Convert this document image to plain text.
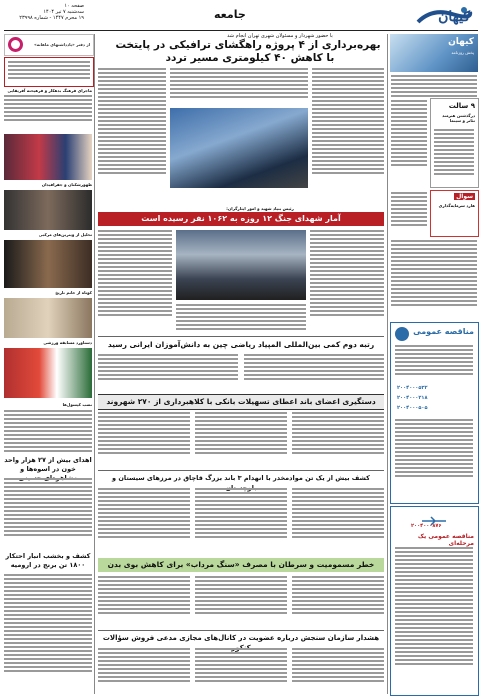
کیهان
جامعه
صفحه ۱۰
سه‌شنبه ۷ تیر ۱۴۰۴
۱۹ محرم ۱۴۴۷ - شماره ۲۳۹۹۸
با حضور شهردار و مسئولان شهری تهران انجام شد
بهره‌برداری از ۴ پروژه راهگشای ترافیکی در پایتخت
با کاهش ۴۰ کیلومتری مسیر تردد
کیهان
پخش روزنامه
۹ سالت
درگذشتن هنرمند تئاتر و سینما
سوال
هارد سرمایه‌گذاری
مناقصه عمومی
۲۰۰۴۰۰۰۵۳۲
۲۰۰۴۰۰۰۲۱۸
۲۰۰۴۰۰۰۵۰۵
۲۰۰۴۰۰۰۸۷۶
مناقصه عمومی یک مرحله‌ای
از دفتر «یادداشتهای ماهانه»
ماجرای فرهنگ بدهکار و فرهیخته آفریقایی
ظهورشکنان و جفرافیدان
تحلیل از ویترین‌های مرکبی
کوتاه از خانم تاریخ
دستاورد مسابقه ورزشی
نصب کپسول‌ها
اهدای بیش از ۲۷ هزار واحد خون در اسوه‌ها و
کشف و بخشب انبار احتکار ۱۸۰۰ تن برنج در ارومیه
رئیس بنیاد شهید و امور ایثارگران:
آمار شهدای جنگ ۱۲ روزه به ۱۰۶۲ نفر رسیده است
رتبه دوم کمی بین‌المللی المپیاد ریاضی چین به دانش‌آموزان ایرانی رسید
دستگیری اعضای باند اعطای تسهیلات بانکی با کلاهبرداری از ۲۷۰ شهروند
کشف بیش از یک تن موادمخدر با انهدام ۳ باند بزرگ قاچاق در مرزهای سیستان و
خطر مسمومیت و سرطان با مصرف «سنگ مرداب» برای کاهش بوی بدن
هشدار سازمان سنجش درباره عضویت در کانال‌های مجازی مدعی فروش سؤالات
